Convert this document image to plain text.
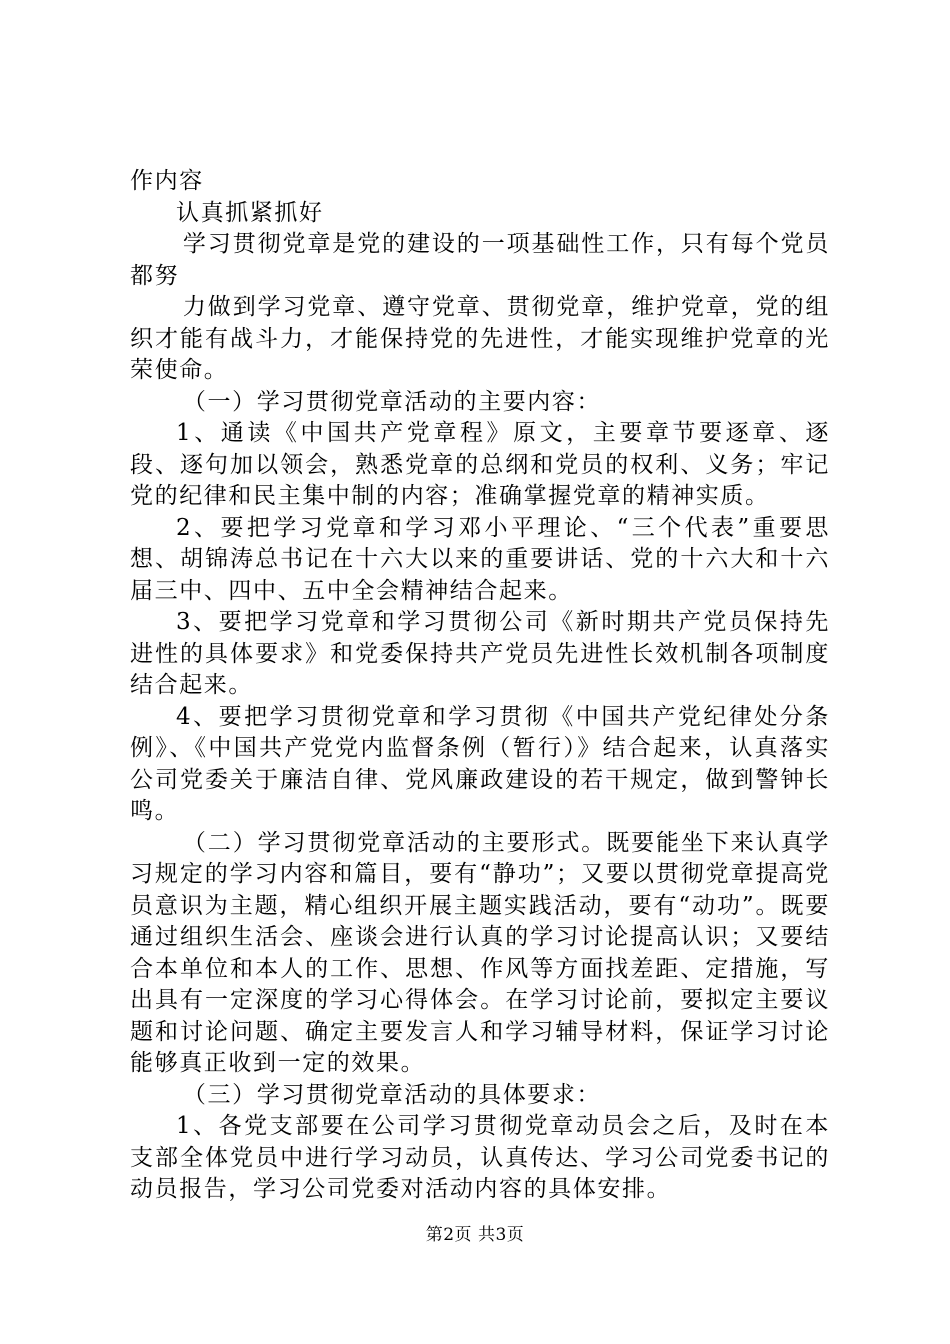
作内容

认真抓紧抓好

学习贯彻党章是党的建设的一项基础性工作，只有每个党员都努

力做到学习党章、遵守党章、贯彻党章，维护党章，党的组织才能有战斗力，才能保持党的先进性，才能实现维护党章的光荣使命。

（一）学习贯彻党章活动的主要内容：

1、通读《中国共产党章程》原文，主要章节要逐章、逐段、逐句加以领会，熟悉党章的总纲和党员的权利、义务；牢记党的纪律和民主集中制的内容；准确掌握党章的精神实质。

2、要把学习党章和学习邓小平理论、“三个代表”重要思想、胡锦涛总书记在十六大以来的重要讲话、党的十六大和十六届三中、四中、五中全会精神结合起来。

3、要把学习党章和学习贯彻公司《新时期共产党员保持先进性的具体要求》和党委保持共产党员先进性长效机制各项制度结合起来。

4、要把学习贯彻党章和学习贯彻《中国共产党纪律处分条例》、《中国共产党党内监督条例（暂行）》结合起来，认真落实公司党委关于廉洁自律、党风廉政建设的若干规定，做到警钟长鸣。

（二）学习贯彻党章活动的主要形式。既要能坐下来认真学习规定的学习内容和篇目，要有“静功”；又要以贯彻党章提高党员意识为主题，精心组织开展主题实践活动，要有“动功”。既要通过组织生活会、座谈会进行认真的学习讨论提高认识；又要结合本单位和本人的工作、思想、作风等方面找差距、定措施，写出具有一定深度的学习心得体会。在学习讨论前，要拟定主要议题和讨论问题、确定主要发言人和学习辅导材料，保证学习讨论能够真正收到一定的效果。

（三）学习贯彻党章活动的具体要求：

1、各党支部要在公司学习贯彻党章动员会之后，及时在本支部全体党员中进行学习动员，认真传达、学习公司党委书记的动员报告，学习公司党委对活动内容的具体安排。

第2页 共3页
